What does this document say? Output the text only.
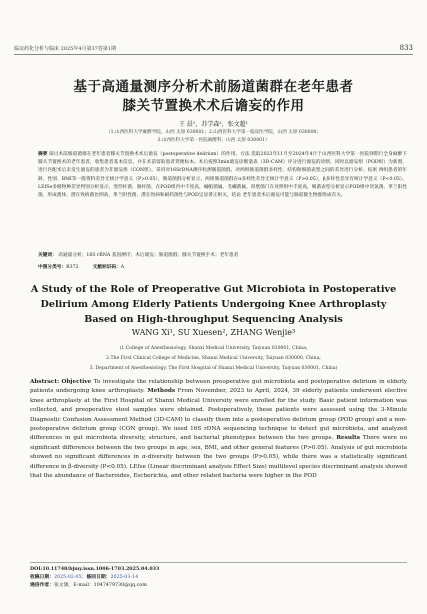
临证药化分析与临床 2025年4月第37卷第1期	833
基于高通量测序分析术前肠道菌群在老年患者
膝关节置换术术后谵妄的作用
王 晨¹，苏学森²，张文超¹
（1.山西医科大学麻醉学院，山西 太原 030001；2.山西医科大学第一临床医学院，山西 太原 030000；
3.山西医科大学第一医院麻醉科，山西 太原 030001）
摘要 探讨术前肠道菌群在老年患者膝关节置换术术后谵妄（postoperative delirium）的作用。方法 选取2023年11月至2024年4月于山西医科大学第一医院择期行全身麻醉下膝关节置换术的老年患者，收集患者基本信息，并在术前留取患者粪便标本。术后按照3min谵妄诊断量表（3D-CAM）评分进行谵妄的诊断，同时以谵妄组（POD组）为新窗，进行匹配术后未发生谵妄的患者为非谵妄组（CON组）。采用对16SrDNA测序检测肠道菌群，对两组肠道菌群多样性、结构和细菌表型之间的差异进行分析。结果 两组患者的年龄、性别、BMI等一般资料差异无统计学意义（P>0.05），肠道菌群分析显示，两组肠道菌群在α多样性差异无统计学意义（P>0.05），β多样性差异有统计学意义（P<0.05）。LEfSe多级物种差异判别分析显示，变形杆菌、肠杆菌、在POD组内中丰度高，蛹帕菌属、毛螺菌属、厚壁菌门在对照组中丰度高，细菌表型分析显示POD组中厌氧菌、革兰阳性菌、形成菌体、潜在致病菌比例高，革兰阴性菌、潜在致病和耐药菌性与POD呈显著正相关。结论 老年患者术后谵妄可能与肠道微生物群组成有关。
关键词： 高通量分析；16S rRNA 基因测序；术后谵妄；肠道菌群；膝关节置换手术；老年患者
中图分类号：R372	文献标识码：A
A Study of the Role of Preoperative Gut Microbiota in Postoperative
Delirium Among Elderly Patients Undergoing Knee Arthroplasty
Based on High-throughput Sequencing Analysis
WANG Xi¹, SU Xuesen², ZHANG Wenjie³
(1.College of Anesthesiology, Shanxi Medical University, Taiyuan 030001, China;
2.The First Clinical College of Medicine, Shanxi Medical University, Taiyuan 030000, China;
3. Department of Anesthesiology, The First Hospital of Shanxi Medical University, Taiyuan 030001, China)
Abstract: Objective To investigate the relationship between preoperative gut microbiota and postoperative delirium in elderly patients undergoing knee arthroplasty. Methods From November, 2023 to April, 2024, 39 elderly patients underwent elective knee arthroplasty at the First Hospital of Shanxi Medical University were enrolled for the study. Basic patient information was collected, and preoperative stool samples were obtained. Postoperatively, these patients were assessed using the 3-Minute Diagnostic Confusion Assessment Method (3D-CAM) to classify them into a postoperative delirium group (POD group) and a non-postoperative delirium group (CON group). We used 16S rDNA sequencing technique to detect gut microbiota, and analyzed differences in gut microbiota diversity, structure, and bacterial phenotypes between the two groups. Results There were no significant differences between the two groups in age, sex, BMI, and other general features (P>0.05). Analysis of gut microbiota showed no significant differences in α-diversity between the two groups (P>0.05), while there was a statistically significant difference in β-diversity (P<0.05). LEfse (Linear discriminant analysis Effect Size) multilevel species discriminant analysis showed that the abundance of Bacteroides, Escherichia, and other related bacteria were higher in the POD
DOI:10.11748/bjmy.issn.1006-1703.2025.04.033
收稿日期：2025-02-05；修回日期：2025-03-14
通信作者：张文颉，E-mail：1047479730@qq.com
